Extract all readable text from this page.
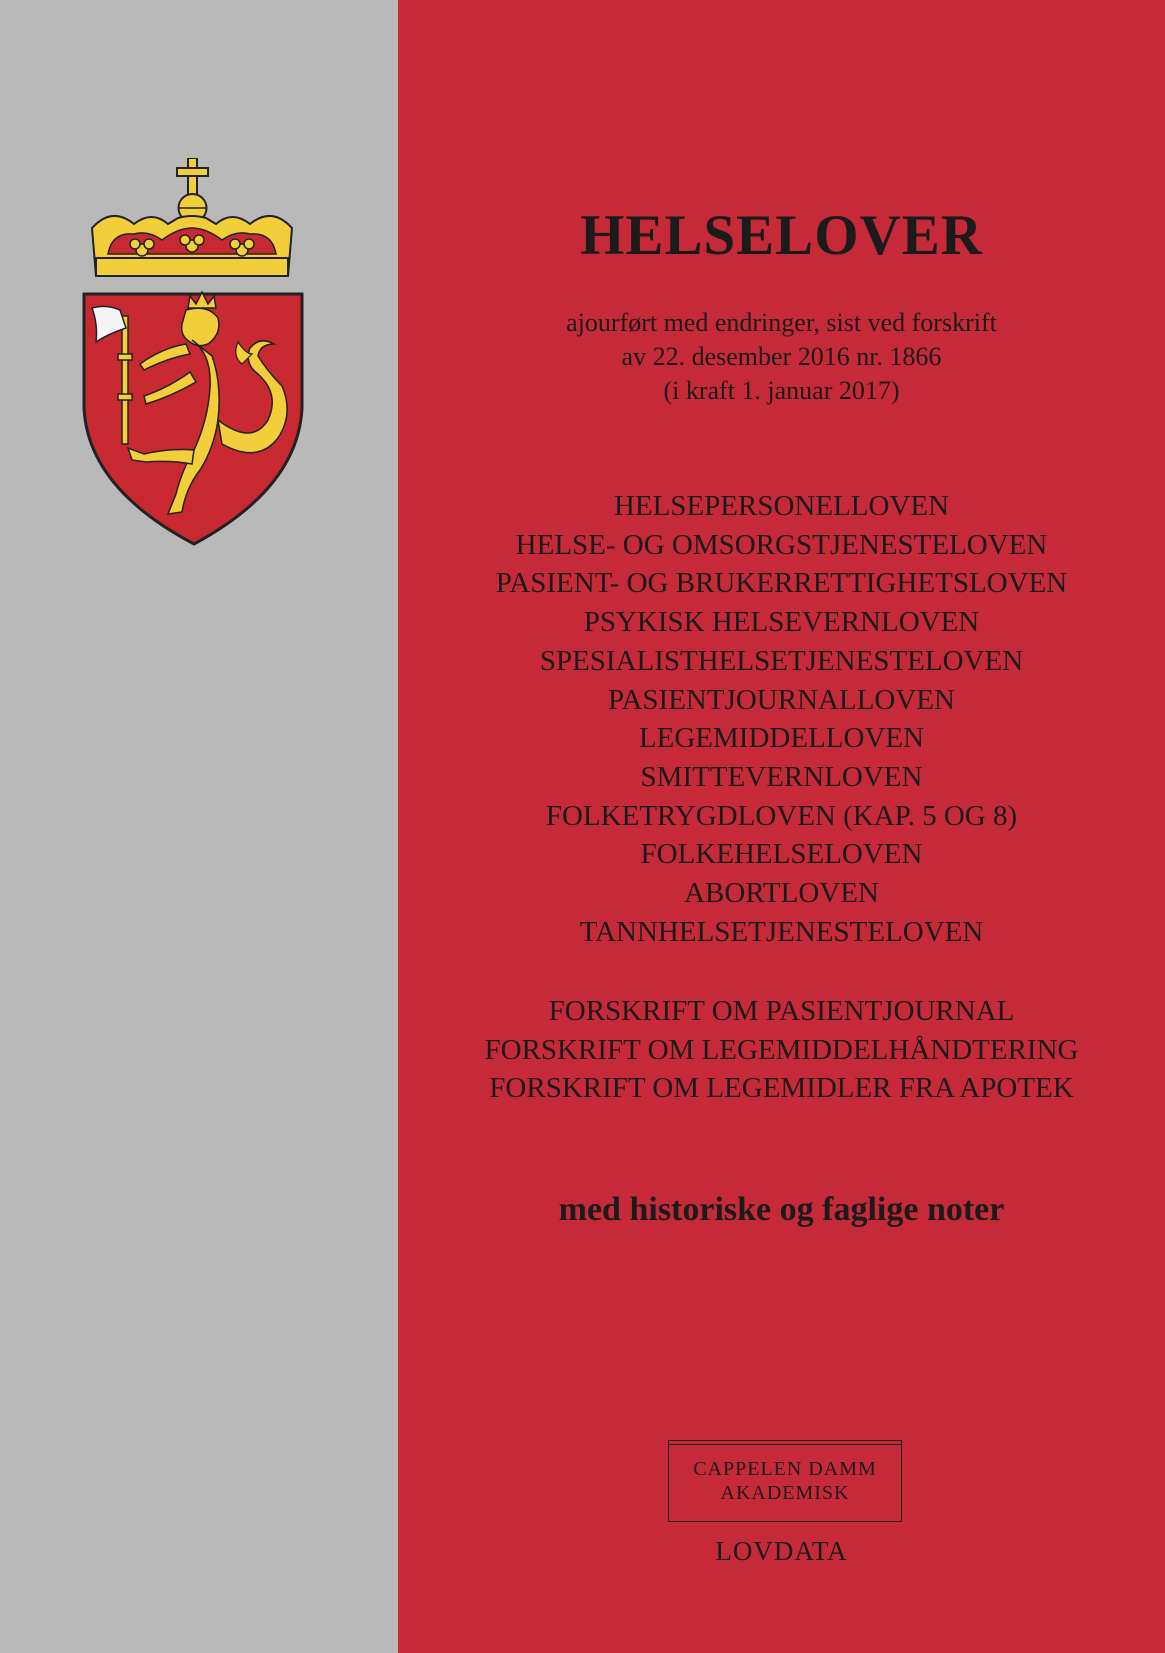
HELSELOVER
ajourført med endringer, sist ved forskrift
av 22. desember 2016 nr. 1866
(i kraft 1. januar 2017)
HELSEPERSONELLOVEN
HELSE- OG OMSORGSTJENESTELOVEN
PASIENT- OG BRUKERRETTIGHETSLOVEN
PSYKISK HELSEVERNLOVEN
SPESIALISTHELSETJENESTELOVEN
PASIENTJOURNALLOVEN
LEGEMIDDELLOVEN
SMITTEVERNLOVEN
FOLKETRYGDLOVEN (KAP. 5 OG 8)
FOLKEHELSELOVEN
ABORTLOVEN
TANNHELSETJENESTELOVEN
FORSKRIFT OM PASIENTJOURNAL
FORSKRIFT OM LEGEMIDDELHÅNDTERING
FORSKRIFT OM LEGEMIDLER FRA APOTEK
med historiske og faglige noter
CAPPELEN DAMM
AKADEMISK
LOVDATA
